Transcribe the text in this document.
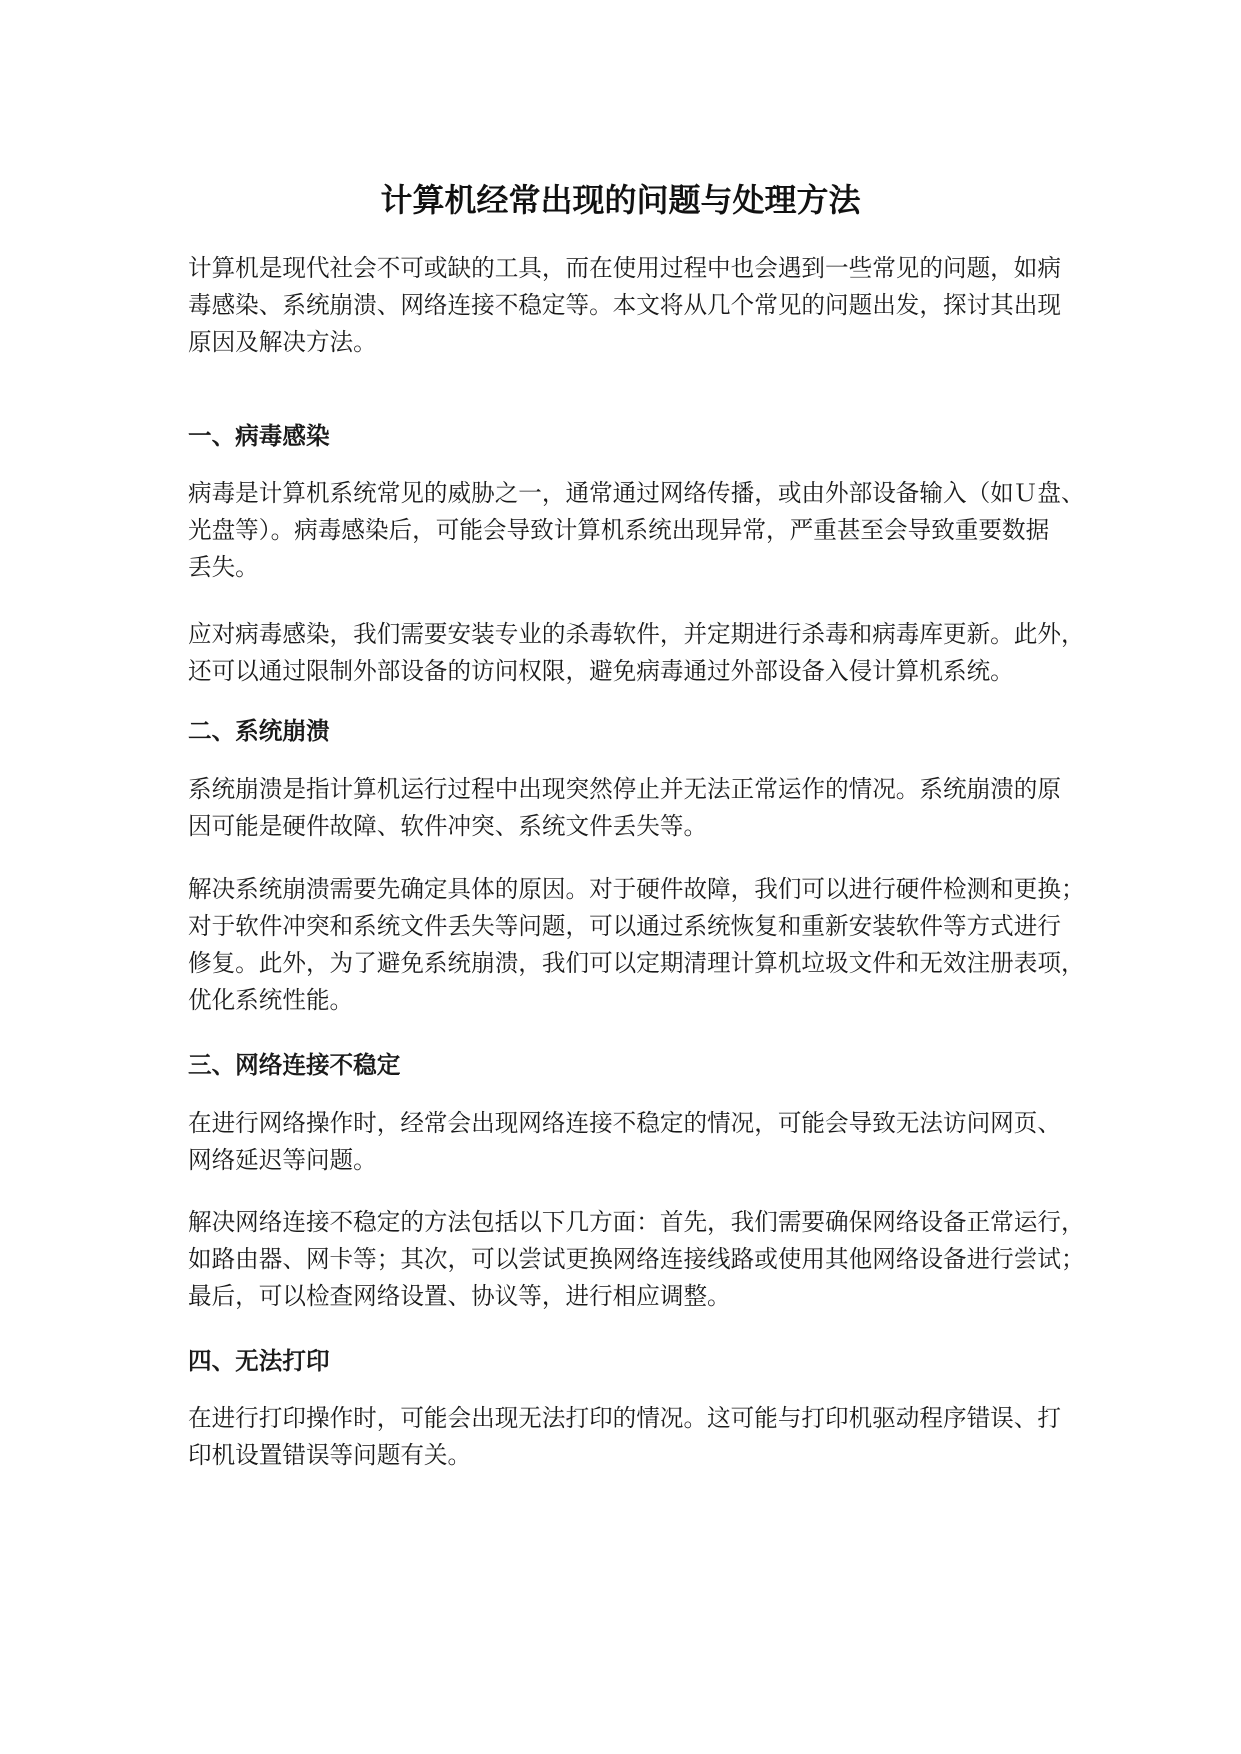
计算机经常出现的问题与处理方法

计算机是现代社会不可或缺的工具，而在使用过程中也会遇到一些常见的问题，如病
毒感染、系统崩溃、网络连接不稳定等。本文将从几个常见的问题出发，探讨其出现
原因及解决方法。

一、病毒感染

病毒是计算机系统常见的威胁之一，通常通过网络传播，或由外部设备输入（如Ｕ盘、
光盘等）。病毒感染后，可能会导致计算机系统出现异常，严重甚至会导致重要数据
丢失。

应对病毒感染，我们需要安装专业的杀毒软件，并定期进行杀毒和病毒库更新。此外，
还可以通过限制外部设备的访问权限，避免病毒通过外部设备入侵计算机系统。

二、系统崩溃

系统崩溃是指计算机运行过程中出现突然停止并无法正常运作的情况。系统崩溃的原
因可能是硬件故障、软件冲突、系统文件丢失等。

解决系统崩溃需要先确定具体的原因。对于硬件故障，我们可以进行硬件检测和更换；
对于软件冲突和系统文件丢失等问题，可以通过系统恢复和重新安装软件等方式进行
修复。此外，为了避免系统崩溃，我们可以定期清理计算机垃圾文件和无效注册表项，
优化系统性能。

三、网络连接不稳定

在进行网络操作时，经常会出现网络连接不稳定的情况，可能会导致无法访问网页、
网络延迟等问题。

解决网络连接不稳定的方法包括以下几方面：首先，我们需要确保网络设备正常运行，
如路由器、网卡等；其次，可以尝试更换网络连接线路或使用其他网络设备进行尝试；
最后，可以检查网络设置、协议等，进行相应调整。

四、无法打印

在进行打印操作时，可能会出现无法打印的情况。这可能与打印机驱动程序错误、打
印机设置错误等问题有关。
